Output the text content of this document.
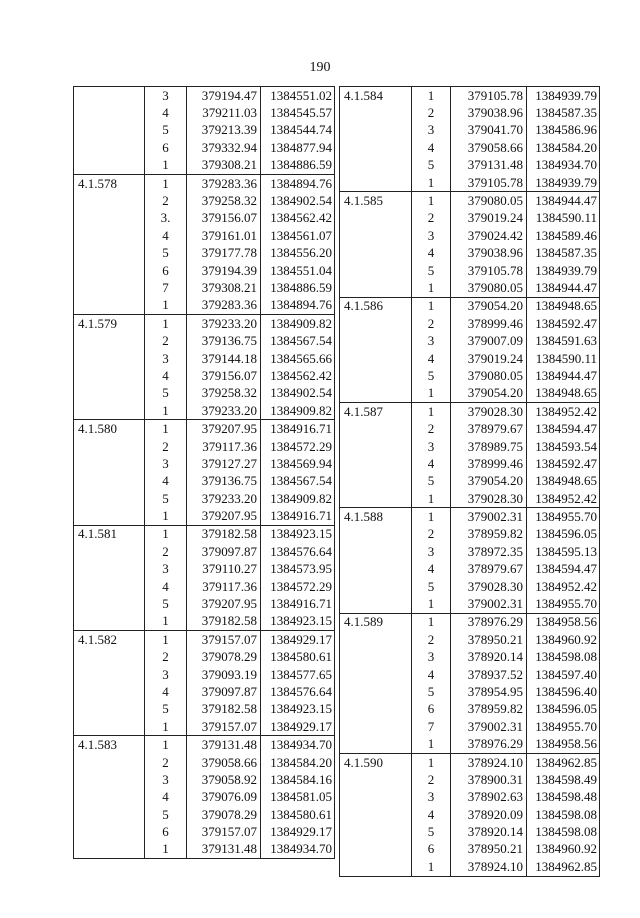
190
	3	379194.47	1384551.02
	4	379211.03	1384545.57
	5	379213.39	1384544.74
	6	379332.94	1384877.94
	1	379308.21	1384886.59
4.1.578	1	379283.36	1384894.76
	2	379258.32	1384902.54
	3.	379156.07	1384562.42
	4	379161.01	1384561.07
	5	379177.78	1384556.20
	6	379194.39	1384551.04
	7	379308.21	1384886.59
	1	379283.36	1384894.76
4.1.579	1	379233.20	1384909.82
	2	379136.75	1384567.54
	3	379144.18	1384565.66
	4	379156.07	1384562.42
	5	379258.32	1384902.54
	1	379233.20	1384909.82
4.1.580	1	379207.95	1384916.71
	2	379117.36	1384572.29
	3	379127.27	1384569.94
	4	379136.75	1384567.54
	5	379233.20	1384909.82
	1	379207.95	1384916.71
4.1.581	1	379182.58	1384923.15
	2	379097.87	1384576.64
	3	379110.27	1384573.95
	4	379117.36	1384572.29
	5	379207.95	1384916.71
	1	379182.58	1384923.15
4.1.582	1	379157.07	1384929.17
	2	379078.29	1384580.61
	3	379093.19	1384577.65
	4	379097.87	1384576.64
	5	379182.58	1384923.15
	1	379157.07	1384929.17
4.1.583	1	379131.48	1384934.70
	2	379058.66	1384584.20
	3	379058.92	1384584.16
	4	379076.09	1384581.05
	5	379078.29	1384580.61
	6	379157.07	1384929.17
	1	379131.48	1384934.70
4.1.584	1	379105.78	1384939.79
	2	379038.96	1384587.35
	3	379041.70	1384586.96
	4	379058.66	1384584.20
	5	379131.48	1384934.70
	1	379105.78	1384939.79
4.1.585	1	379080.05	1384944.47
	2	379019.24	1384590.11
	3	379024.42	1384589.46
	4	379038.96	1384587.35
	5	379105.78	1384939.79
	1	379080.05	1384944.47
4.1.586	1	379054.20	1384948.65
	2	378999.46	1384592.47
	3	379007.09	1384591.63
	4	379019.24	1384590.11
	5	379080.05	1384944.47
	1	379054.20	1384948.65
4.1.587	1	379028.30	1384952.42
	2	378979.67	1384594.47
	3	378989.75	1384593.54
	4	378999.46	1384592.47
	5	379054.20	1384948.65
	1	379028.30	1384952.42
4.1.588	1	379002.31	1384955.70
	2	378959.82	1384596.05
	3	378972.35	1384595.13
	4	378979.67	1384594.47
	5	379028.30	1384952.42
	1	379002.31	1384955.70
4.1.589	1	378976.29	1384958.56
	2	378950.21	1384960.92
	3	378920.14	1384598.08
	4	378937.52	1384597.40
	5	378954.95	1384596.40
	6	378959.82	1384596.05
	7	379002.31	1384955.70
	1	378976.29	1384958.56
4.1.590	1	378924.10	1384962.85
	2	378900.31	1384598.49
	3	378902.63	1384598.48
	4	378920.09	1384598.08
	5	378920.14	1384598.08
	6	378950.21	1384960.92
	1	378924.10	1384962.85
